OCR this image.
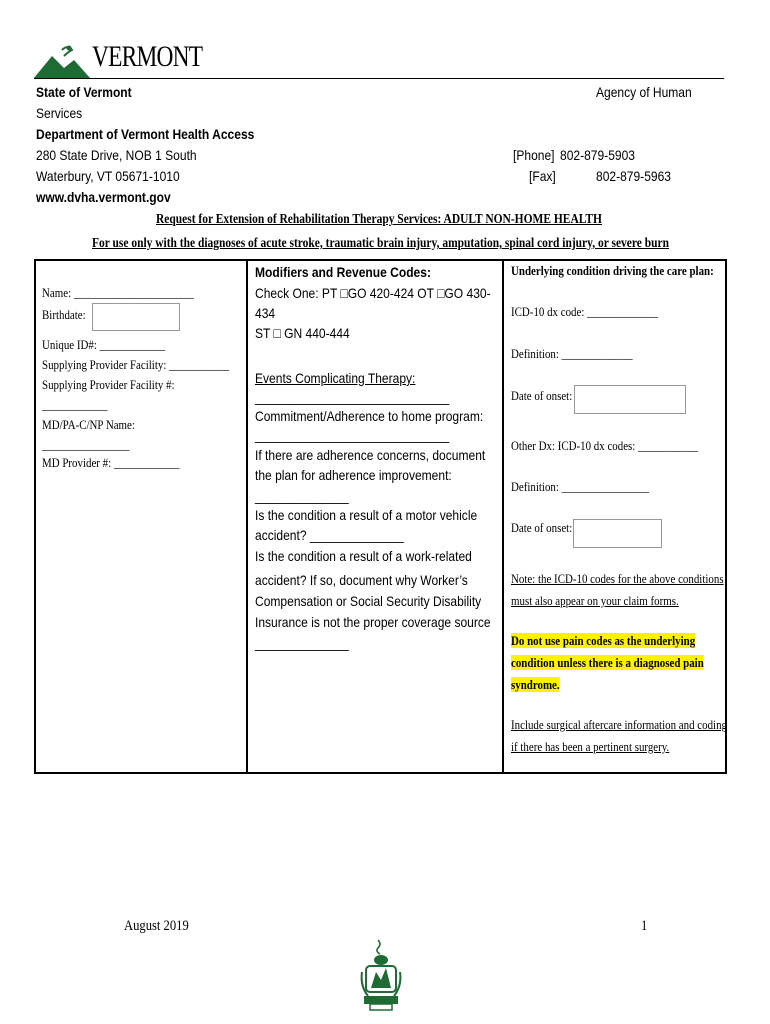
VERMONT
State of Vermont
Services
Department of Vermont Health Access
280 State Drive, NOB 1 South
Waterbury, VT 05671-1010
www.dvha.vermont.gov
Agency of Human
[Phone] 802-879-5903
[Fax]	802-879-5963
Request for Extension of Rehabilitation Therapy Services: ADULT NON-HOME HEALTH
For use only with the diagnoses of acute stroke, traumatic brain injury, amputation, spinal cord injury, or severe burn
Name: ______________________
Birthdate:
Unique ID#: ____________
Supplying Provider Facility: ___________
Supplying Provider Facility #:
____________
MD/PA-C/NP Name:
________________
MD Provider #: ____________
Modifiers and Revenue Codes:
Check One: PT □GO 420-424 OT □GO 430-
434
ST □ GN 440-444
Events Complicating Therapy:
_____________________________
Commitment/Adherence to home program:
_____________________________
If there are adherence concerns, document
the plan for adherence improvement:
______________
Is the condition a result of a motor vehicle
accident? ______________
Is the condition a result of a work-related
accident? If so, document why Worker’s
Compensation or Social Security Disability
Insurance is not the proper coverage source
______________
Underlying condition driving the care plan:
ICD-10 dx code: _____________
Definition: _____________
Date of onset:
Other Dx: ICD-10 dx codes: ___________
Definition: ________________
Date of onset:
Note: the ICD-10 codes for the above conditions
must also appear on your claim forms.
Do not use pain codes as the underlying
condition unless there is a diagnosed pain
syndrome.
Include surgical aftercare information and coding
if there has been a pertinent surgery.
August 2019	1
